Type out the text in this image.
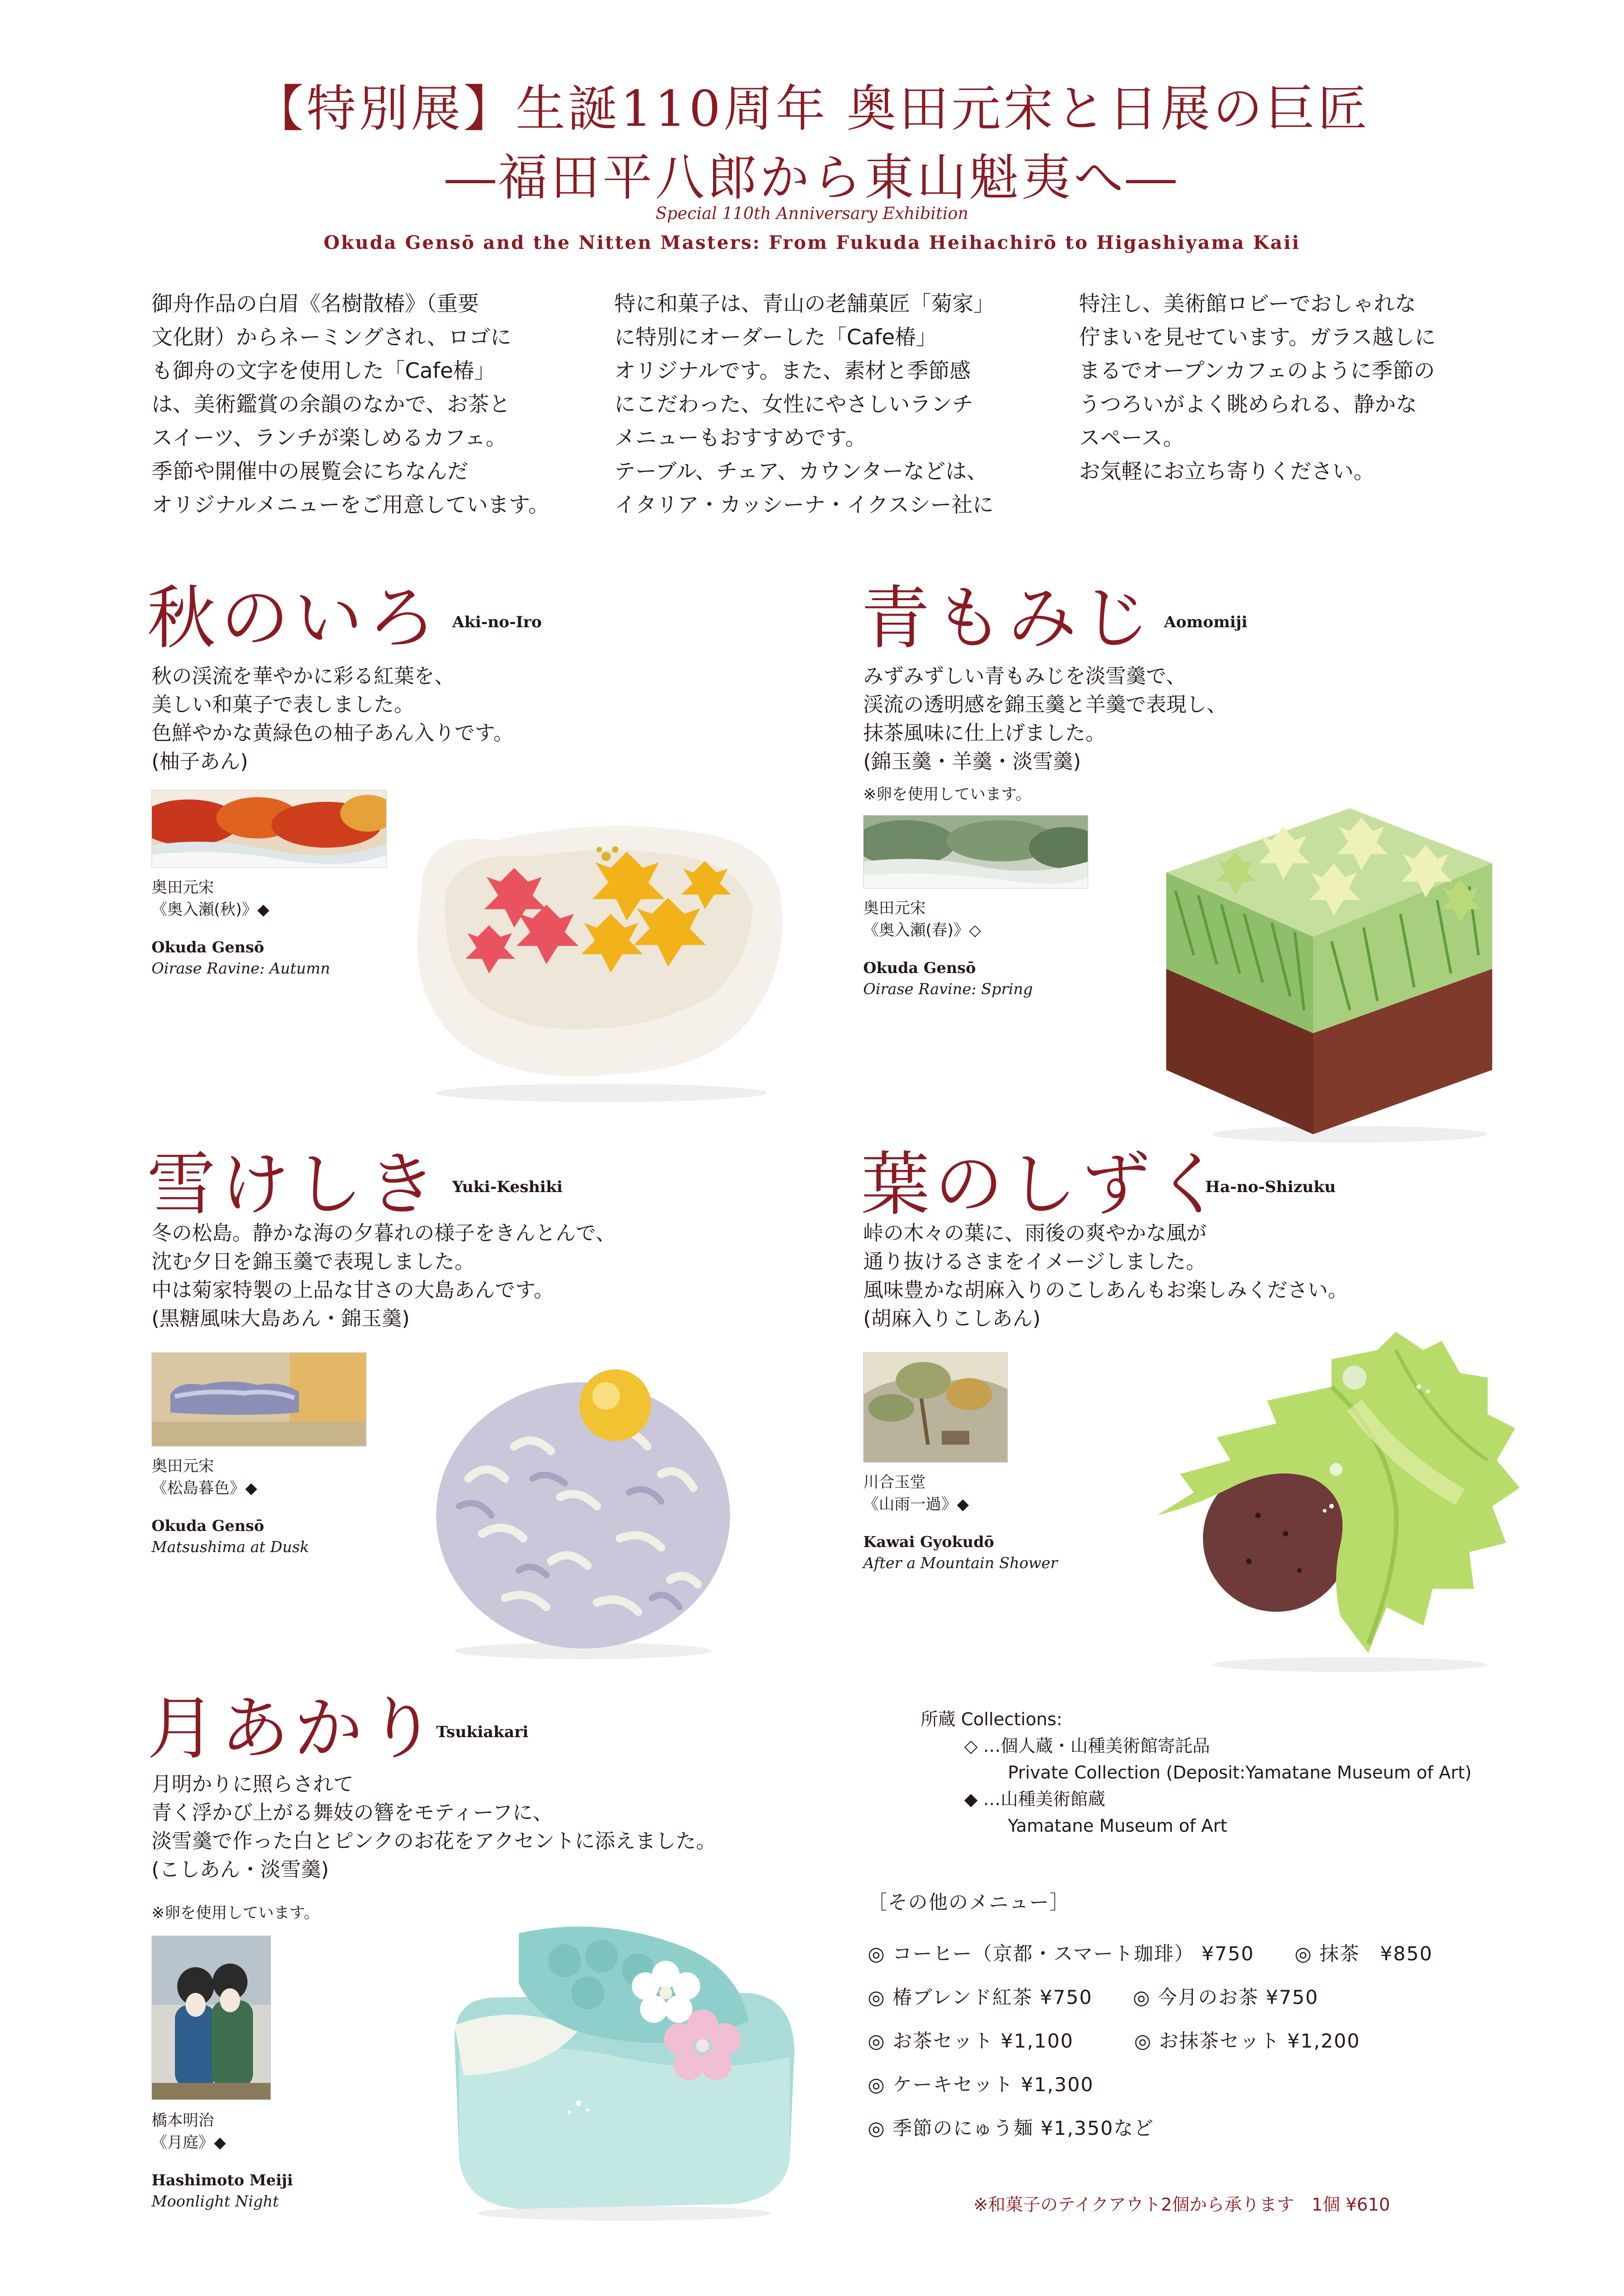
【特別展】生誕110周年 奥田元宋と日展の巨匠
―福田平八郎から東山魁夷へ―
Special 110th Anniversary Exhibition
Okuda Gensō and the Nitten Masters: From Fukuda Heihachirō to Higashiyama Kaii
御舟作品の白眉《名樹散椿》（重要
文化財）からネーミングされ、ロゴに
も御舟の文字を使用した「Cafe椿」
は、美術鑑賞の余韻のなかで、お茶と
スイーツ、ランチが楽しめるカフェ。
季節や開催中の展覧会にちなんだ
オリジナルメニューをご用意しています。
特に和菓子は、青山の老舗菓匠「菊家」
に特別にオーダーした「Cafe椿」
オリジナルです。また、素材と季節感
にこだわった、女性にやさしいランチ
メニューもおすすめです。
テーブル、チェア、カウンターなどは、
イタリア・カッシーナ・イクスシー社に
特注し、美術館ロビーでおしゃれな
佇まいを見せています。ガラス越しに
まるでオープンカフェのように季節の
うつろいがよく眺められる、静かな
スペース。
お気軽にお立ち寄りください。
秋のいろ Aki-no-Iro
秋の渓流を華やかに彩る紅葉を、
美しい和菓子で表しました。
色鮮やかな黄緑色の柚子あん入りです。
(柚子あん)
奥田元宋
《奥入瀬(秋)》◆
Okuda Gensō
Oirase Ravine: Autumn
青もみじ Aomomiji
みずみずしい青もみじを淡雪羹で、
渓流の透明感を錦玉羹と羊羹で表現し、
抹茶風味に仕上げました。
(錦玉羹・羊羹・淡雪羹)
※卵を使用しています。
奥田元宋
《奥入瀬(春)》◇
Okuda Gensō
Oirase Ravine: Spring
雪けしき Yuki-Keshiki
冬の松島。静かな海の夕暮れの様子をきんとんで、
沈む夕日を錦玉羹で表現しました。
中は菊家特製の上品な甘さの大島あんです。
(黒糖風味大島あん・錦玉羹)
奥田元宋
《松島暮色》◆
Okuda Gensō
Matsushima at Dusk
葉のしずく
Ha-no-Shizuku
峠の木々の葉に、雨後の爽やかな風が
通り抜けるさまをイメージしました。
風味豊かな胡麻入りのこしあんもお楽しみください。
(胡麻入りこしあん)
川合玉堂
《山雨一過》◆
Kawai Gyokudō
After a Mountain Shower
月あかり
Tsukiakari
月明かりに照らされて
青く浮かび上がる舞妓の簪をモティーフに、
淡雪羹で作った白とピンクのお花をアクセントに添えました。
(こしあん・淡雪羹)
※卵を使用しています。
橋本明治
《月庭》◆
Hashimoto Meiji
Moonlight Night
所蔵 Collections:
◇ …個人蔵・山種美術館寄託品
Private Collection (Deposit:Yamatane Museum of Art)
◆ …山種美術館蔵
Yamatane Museum of Art
［その他のメニュー］
◎ コーヒー（京都・スマート珈琲） ¥750　　◎ 抹茶　¥850
◎ 椿ブレンド紅茶 ¥750　　◎ 今月のお茶 ¥750
◎ お茶セット ¥1,100　　　◎ お抹茶セット ¥1,200
◎ ケーキセット ¥1,300
◎ 季節のにゅう麺 ¥1,350など
※和菓子のテイクアウト2個から承ります　1個 ¥610
